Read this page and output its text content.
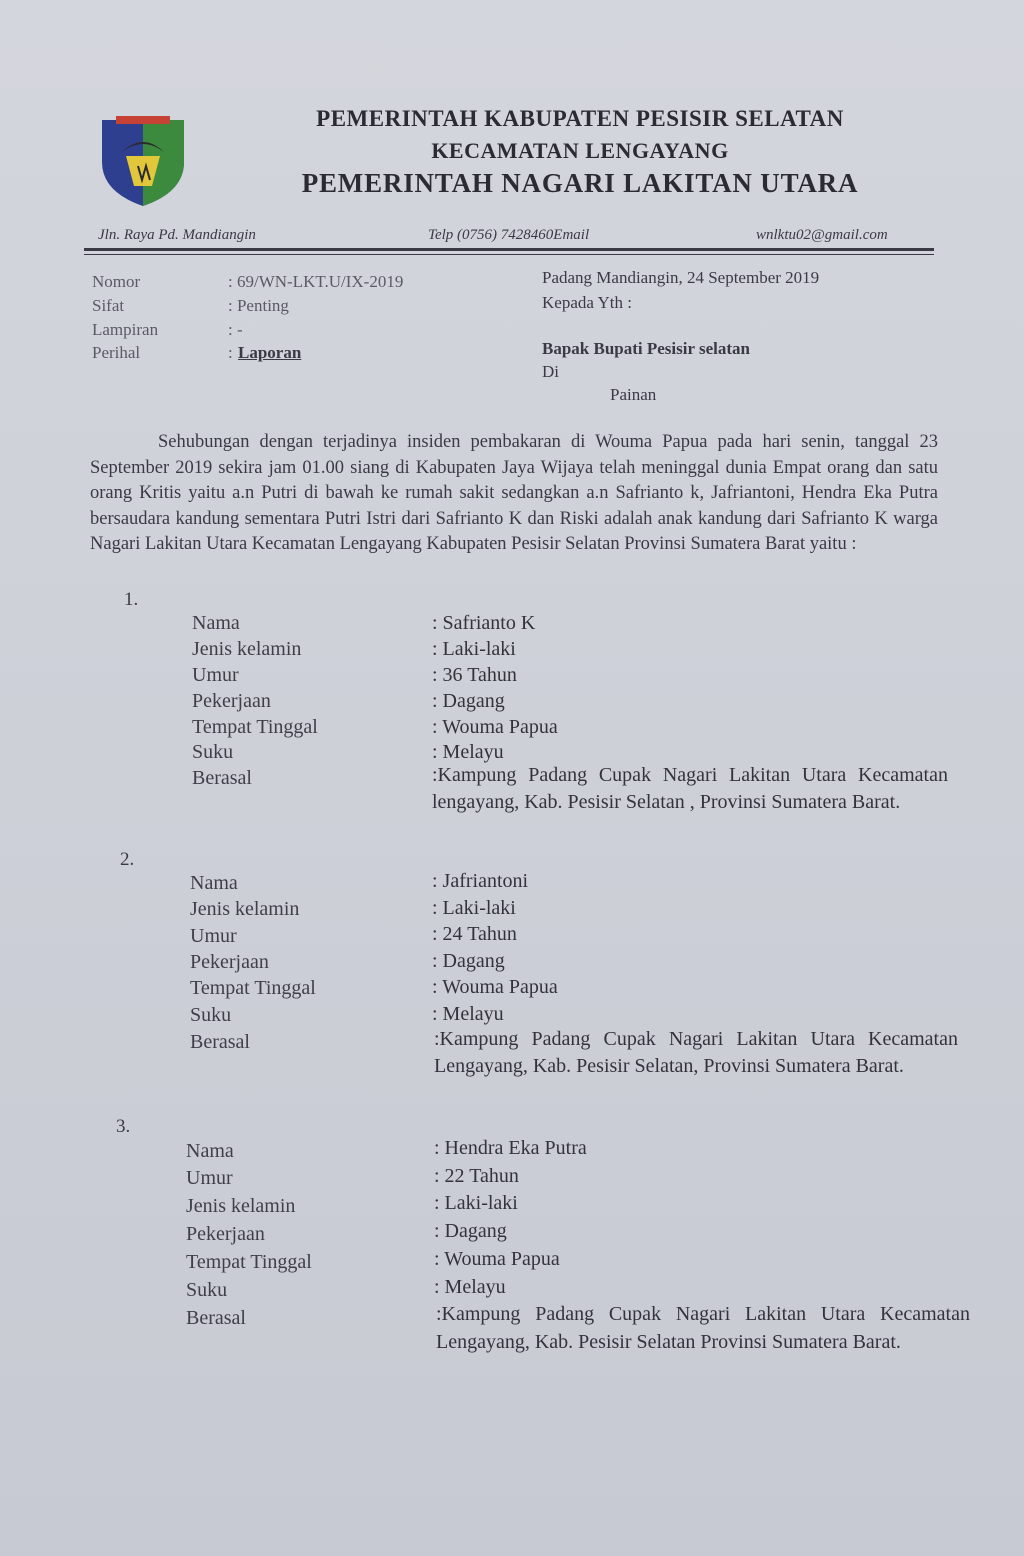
PEMERINTAH KABUPATEN PESISIR SELATAN
KECAMATAN LENGAYANG
PEMERINTAH NAGARI LAKITAN UTARA
Jln. Raya Pd. Mandiangin	Telp (0756) 7428460Email	wnlktu02@gmail.com
Nomor	: 69/WN-LKT.U/IX-2019
Sifat	: Penting
Lampiran	: -
Perihal	: Laporan
Padang Mandiangin, 24 September 2019
Kepada Yth :
Bapak Bupati Pesisir selatan
Di
Painan
Sehubungan dengan terjadinya insiden pembakaran di Wouma Papua pada hari senin, tanggal 23 September 2019 sekira jam 01.00 siang di Kabupaten Jaya Wijaya telah meninggal dunia Empat orang dan satu orang Kritis yaitu a.n Putri di bawah ke rumah sakit sedangkan a.n Safrianto k, Jafriantoni, Hendra Eka Putra bersaudara kandung sementara Putri Istri dari Safrianto K dan Riski adalah anak kandung dari Safrianto K warga Nagari Lakitan Utara Kecamatan Lengayang Kabupaten Pesisir Selatan Provinsi Sumatera Barat yaitu :
1.
Nama	: Safrianto K
Jenis kelamin	: Laki-laki
Umur	: 36 Tahun
Pekerjaan	: Dagang
Tempat Tinggal	: Wouma Papua
Suku	: Melayu
Berasal	:Kampung Padang Cupak Nagari Lakitan Utara Kecamatan lengayang, Kab. Pesisir Selatan , Provinsi Sumatera Barat.
2.
Nama	: Jafriantoni
Jenis kelamin	: Laki-laki
Umur	: 24 Tahun
Pekerjaan	: Dagang
Tempat Tinggal	: Wouma Papua
Suku	: Melayu
Berasal	:Kampung Padang Cupak Nagari Lakitan Utara Kecamatan Lengayang, Kab. Pesisir Selatan, Provinsi Sumatera Barat.
3.
Nama	: Hendra Eka Putra
Umur	: 22 Tahun
Jenis kelamin	: Laki-laki
Pekerjaan	: Dagang
Tempat Tinggal	: Wouma Papua
Suku	: Melayu
Berasal	:Kampung Padang Cupak Nagari Lakitan Utara Kecamatan Lengayang, Kab. Pesisir Selatan Provinsi Sumatera Barat.
